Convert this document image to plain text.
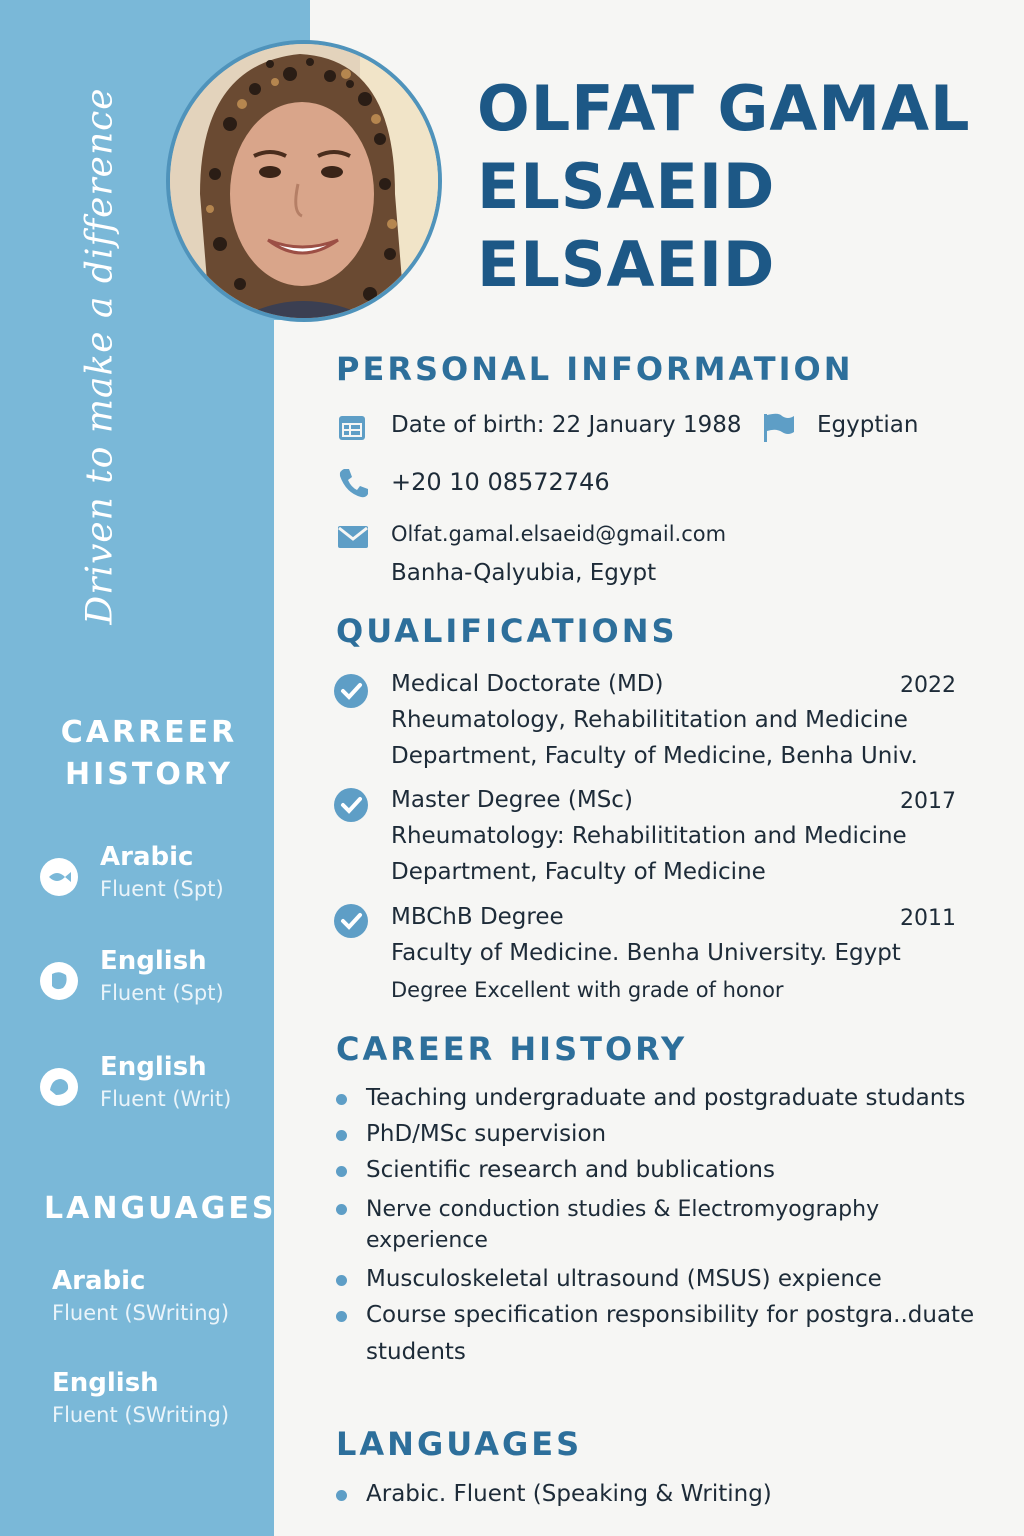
Driven to make a difference	OLFAT GAMAL
ELSAEID
ELSAEID
CARREER
HISTORY
Arabic
Fluent (Spt)
English
Fluent (Spt)
English
Fluent (Writ)
LANGUAGES
Arabic
Fluent (SWriting)
English
Fluent (SWriting)
PERSONAL INFORMATION
Date of birth: 22 January 1988	Egyptian
+20 10 08572746
Olfat.gamal.elsaeid@gmail.com
Banha-Qalyubia, Egypt
QUALIFICATIONS
Medical Doctorate (MD)	2022
Rheumatology, Rehabilititation and Medicine
Department, Faculty of Medicine, Benha Univ.
Master Degree (MSc)	2017
Rheumatology: Rehabilititation and Medicine
Department, Faculty of Medicine
MBChB Degree	2011
Faculty of Medicine. Benha University. Egypt
Degree Excellent with grade of honor
CAREER HISTORY
Teaching undergraduate and postgraduate studants
PhD/MSc supervision
Scientific research and bublications
Nerve conduction studies & Electromyography
experience
Musculoskeletal ultrasound (MSUS) expience
Course specification responsibility for postgra..duate
students
LANGUAGES
Arabic. Fluent (Speaking & Writing)
